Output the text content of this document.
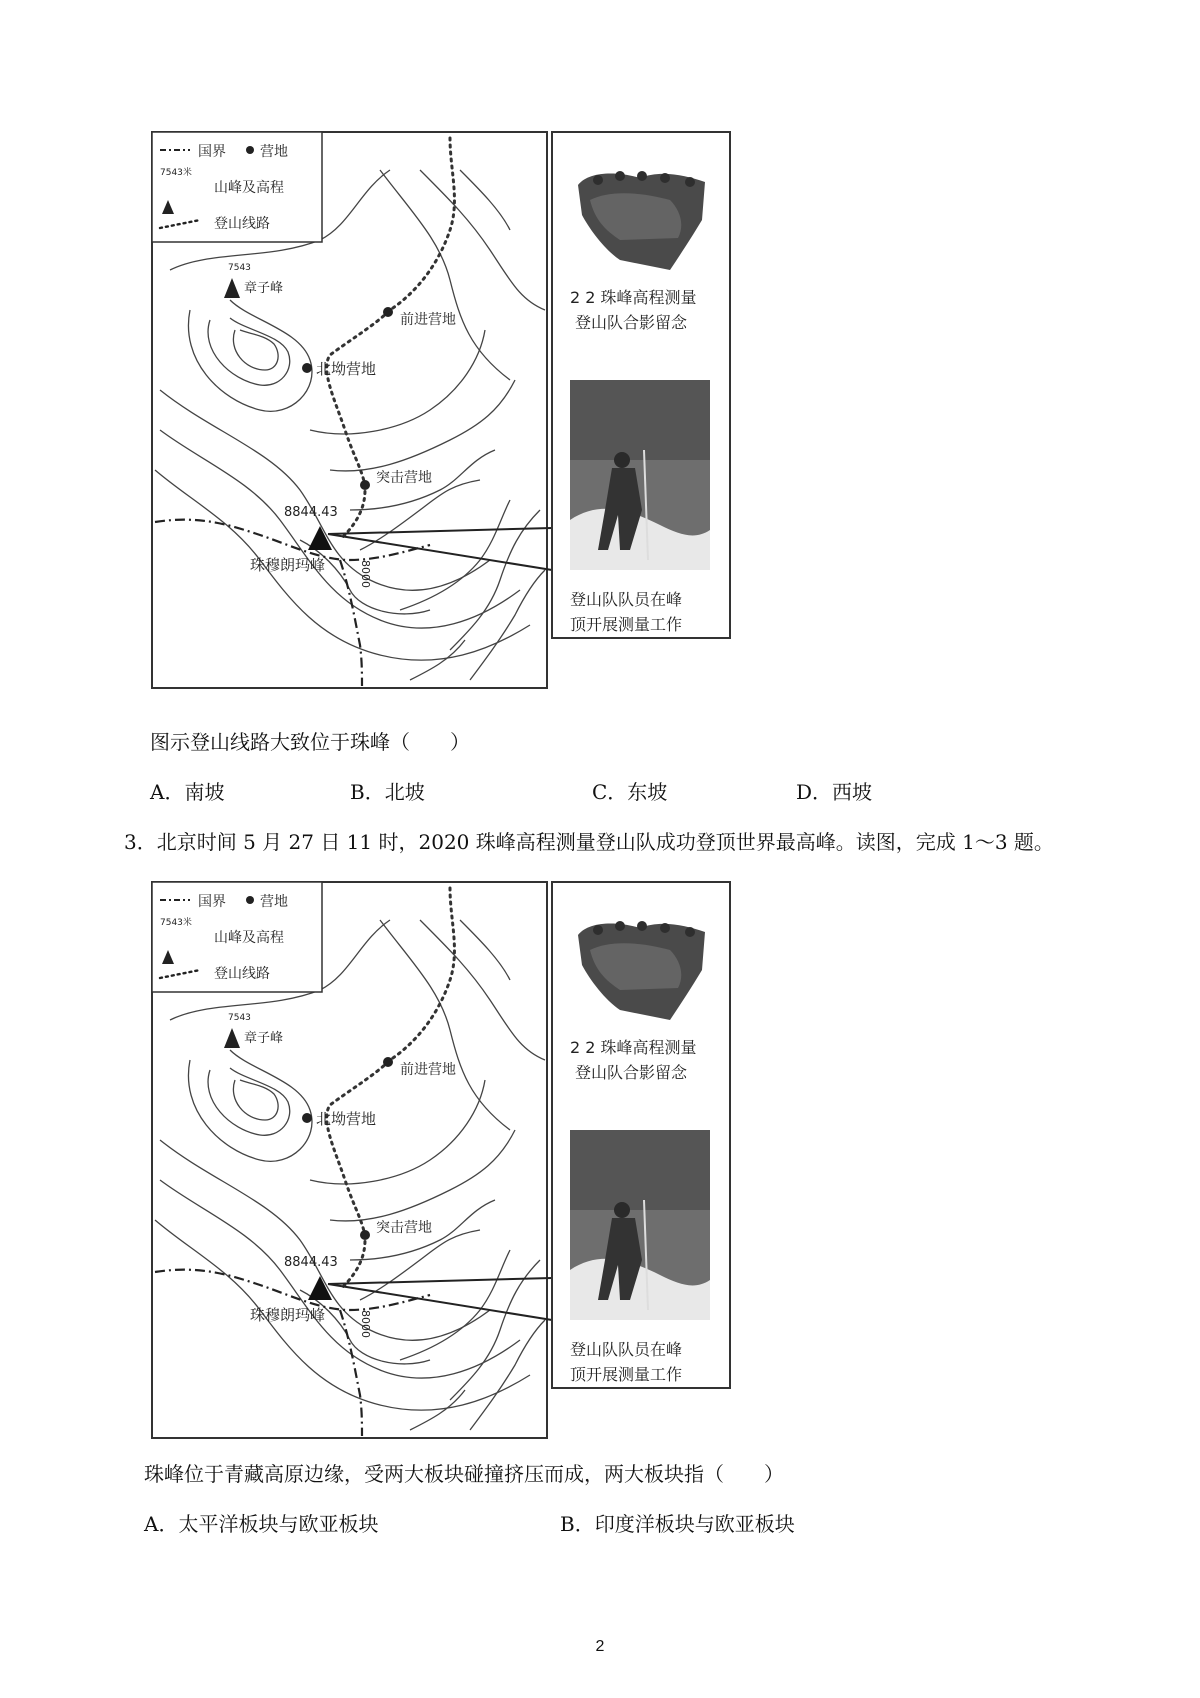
国界 营地
7543米
山峰及高程
登山线路
7543
章子峰
前进营地
北坳营地
突击营地
8844.43
珠穆朗玛峰	8000
2 2 珠峰高程测量
登山队合影留念
登山队队员在峰
顶开展测量工作
图示登山线路大致位于珠峰（　　）
A．南坡	B．北坡	C．东坡	D．西坡
3．北京时间 5 月 27 日 11 时，2020 珠峰高程测量登山队成功登顶世界最高峰。读图，完成 1～3 题。
国界 营地
7543米
山峰及高程
登山线路
7543
章子峰
前进营地
北坳营地
突击营地
8844.43
珠穆朗玛峰	8000
2 2 珠峰高程测量
登山队合影留念
登山队队员在峰
顶开展测量工作
珠峰位于青藏高原边缘，受两大板块碰撞挤压而成，两大板块指（　　）
A．太平洋板块与欧亚板块	B．印度洋板块与欧亚板块
2
